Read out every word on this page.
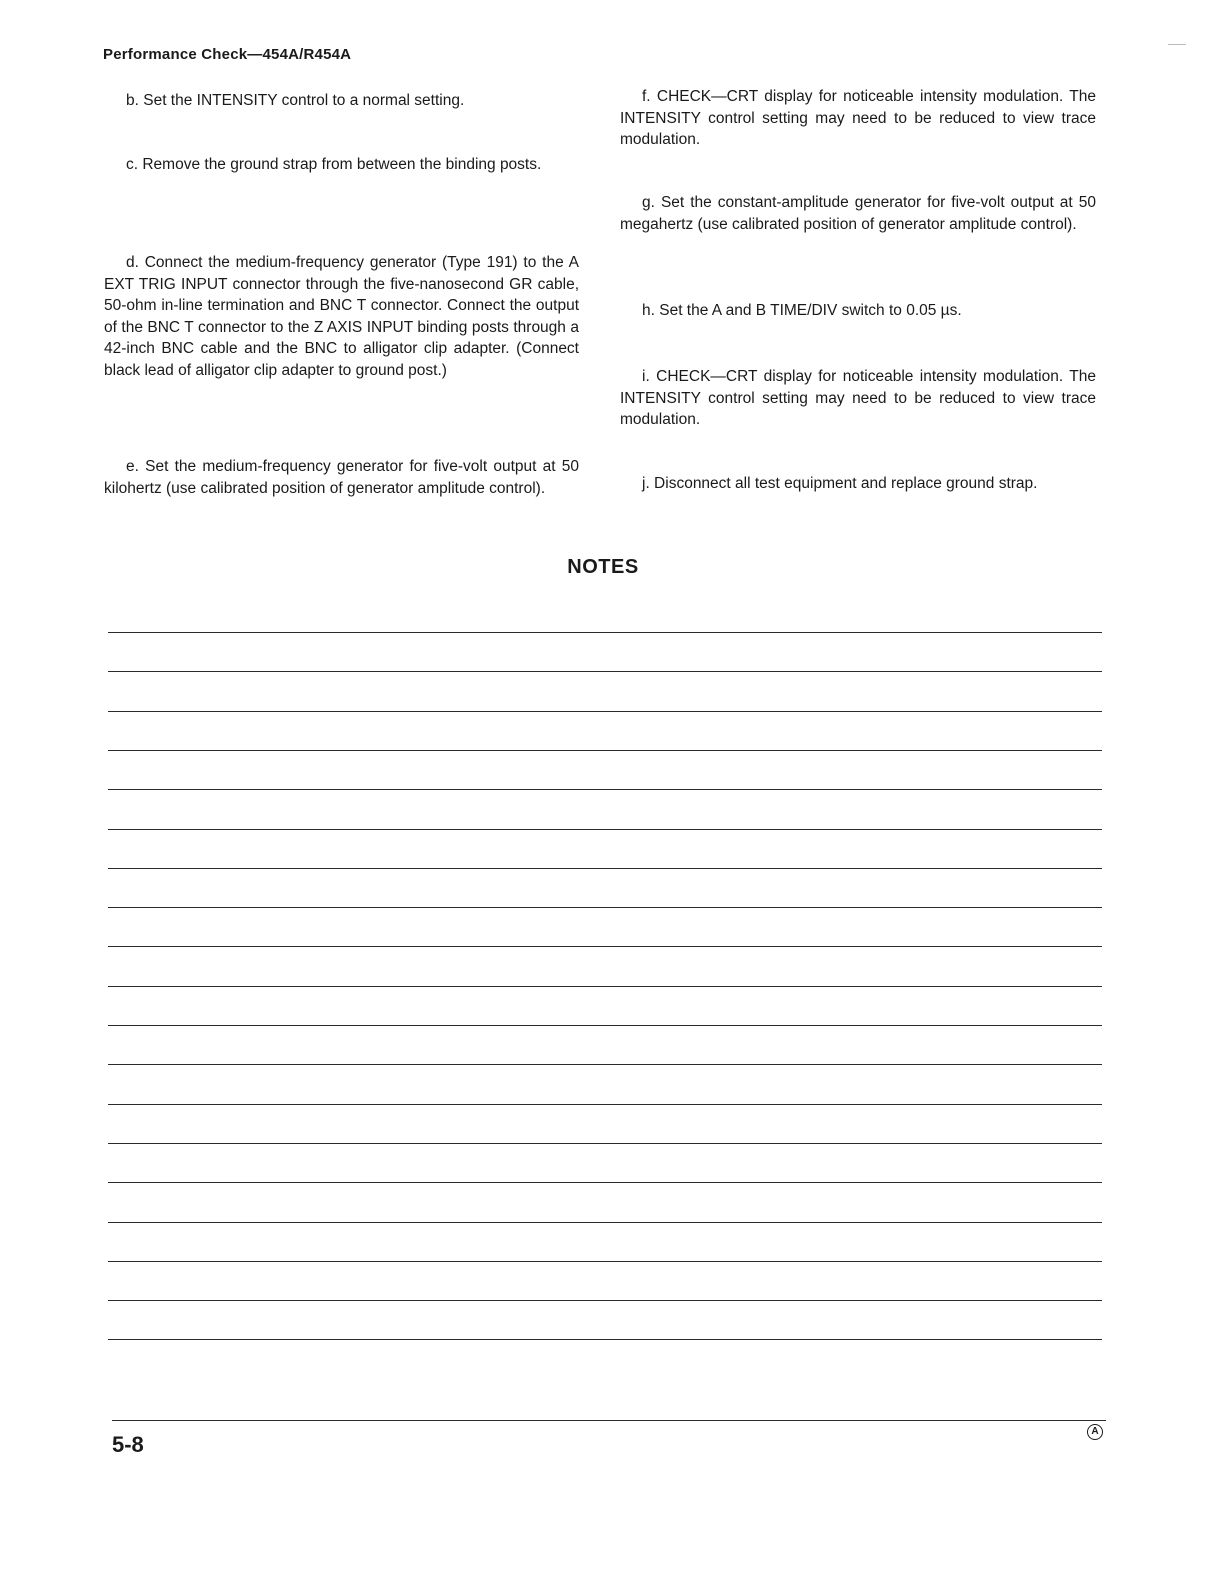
Performance Check—454A/R454A

b. Set the INTENSITY control to a normal setting.

c. Remove the ground strap from between the binding posts.

d. Connect the medium-frequency generator (Type 191) to the A EXT TRIG INPUT connector through the five-nanosecond GR cable, 50-ohm in-line termination and BNC T connector. Connect the output of the BNC T connector to the Z AXIS INPUT binding posts through a 42-inch BNC cable and the BNC to alligator clip adapter. (Connect black lead of alligator clip adapter to ground post.)

e. Set the medium-frequency generator for five-volt output at 50 kilohertz (use calibrated position of generator amplitude control).

f. CHECK—CRT display for noticeable intensity modulation. The INTENSITY control setting may need to be reduced to view trace modulation.

g. Set the constant-amplitude generator for five-volt output at 50 megahertz (use calibrated position of generator amplitude control).

h. Set the A and B TIME/DIV switch to 0.05 µs.

i. CHECK—CRT display for noticeable intensity modulation. The INTENSITY control setting may need to be reduced to view trace modulation.

j. Disconnect all test equipment and replace ground strap.

NOTES
5-8
A
